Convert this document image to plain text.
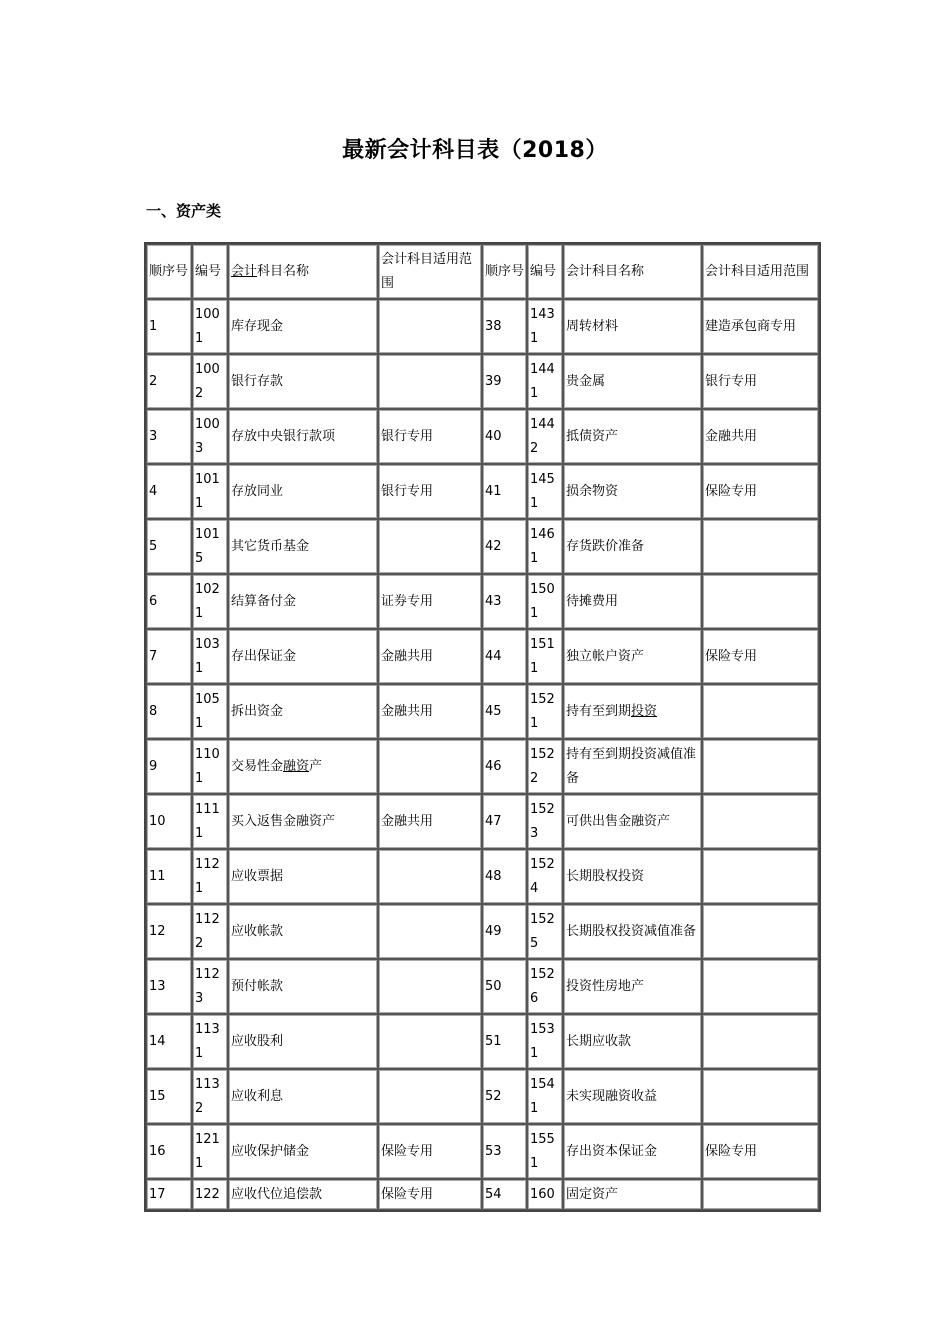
最新会计科目表（2018）
一、资产类
顺序号	编号	会计科目名称	会计科目适用范围	顺序号	编号	会计科目名称	会计科目适用范围
1	1001	库存现金		38	1431	周转材料	建造承包商专用
2	1002	银行存款		39	1441	贵金属	银行专用
3	1003	存放中央银行款项	银行专用	40	1442	抵债资产	金融共用
4	1011	存放同业	银行专用	41	1451	损余物资	保险专用
5	1015	其它货币基金		42	1461	存货跌价准备	
6	1021	结算备付金	证券专用	43	1501	待摊费用	
7	1031	存出保证金	金融共用	44	1511	独立帐户资产	保险专用
8	1051	拆出资金	金融共用	45	1521	持有至到期投资	
9	1101	交易性金融资产		46	1522	持有至到期投资减值准备	
10	1111	买入返售金融资产	金融共用	47	1523	可供出售金融资产	
11	1121	应收票据		48	1524	长期股权投资	
12	1122	应收帐款		49	1525	长期股权投资减值准备	
13	1123	预付帐款		50	1526	投资性房地产	
14	1131	应收股利		51	1531	长期应收款	
15	1132	应收利息		52	1541	未实现融资收益	
16	1211	应收保护储金	保险专用	53	1551	存出资本保证金	保险专用
17	122	应收代位追偿款	保险专用	54	160	固定资产	
